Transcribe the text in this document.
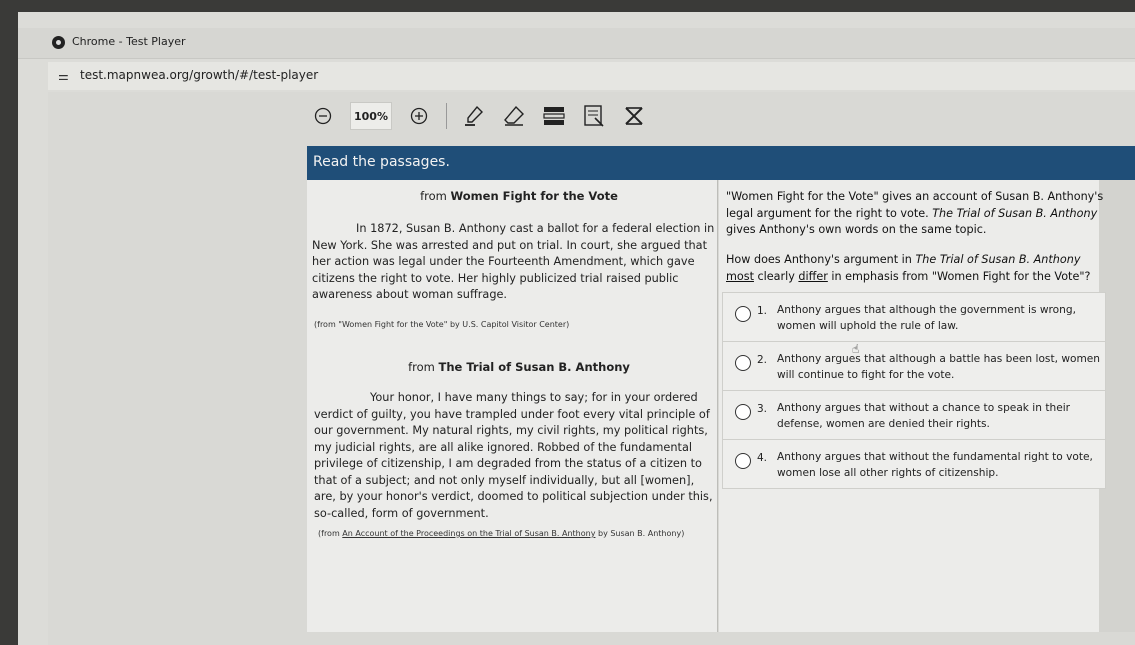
Chrome - Test Player
⚌ test.mapnwea.org/growth/#/test-player
100%
Read the passages.
from Women Fight for the Vote
In 1872, Susan B. Anthony cast a ballot for a federal election in New York. She was arrested and put on trial. In court, she argued that her action was legal under the Fourteenth Amendment, which gave citizens the right to vote. Her highly publicized trial raised public awareness about woman suffrage.
(from "Women Fight for the Vote" by U.S. Capitol Visitor Center)
from The Trial of Susan B. Anthony
Your honor, I have many things to say; for in your ordered verdict of guilty, you have trampled under foot every vital principle of our government. My natural rights, my civil rights, my political rights, my judicial rights, are all alike ignored. Robbed of the fundamental privilege of citizenship, I am degraded from the status of a citizen to that of a subject; and not only myself individually, but all [women], are, by your honor's verdict, doomed to political subjection under this, so-called, form of government.
(from An Account of the Proceedings on the Trial of Susan B. Anthony by Susan B. Anthony)
"Women Fight for the Vote" gives an account of Susan B. Anthony's legal argument for the right to vote. The Trial of Susan B. Anthony gives Anthony's own words on the same topic.
How does Anthony's argument in The Trial of Susan B. Anthony most clearly differ in emphasis from "Women Fight for the Vote"?
1. Anthony argues that although the government is wrong, women will uphold the rule of law.
2. Anthony argues that although a battle has been lost, women will continue to fight for the vote.
3. Anthony argues that without a chance to speak in their defense, women are denied their rights.
4. Anthony argues that without the fundamental right to vote, women lose all other rights of citizenship.
☝
